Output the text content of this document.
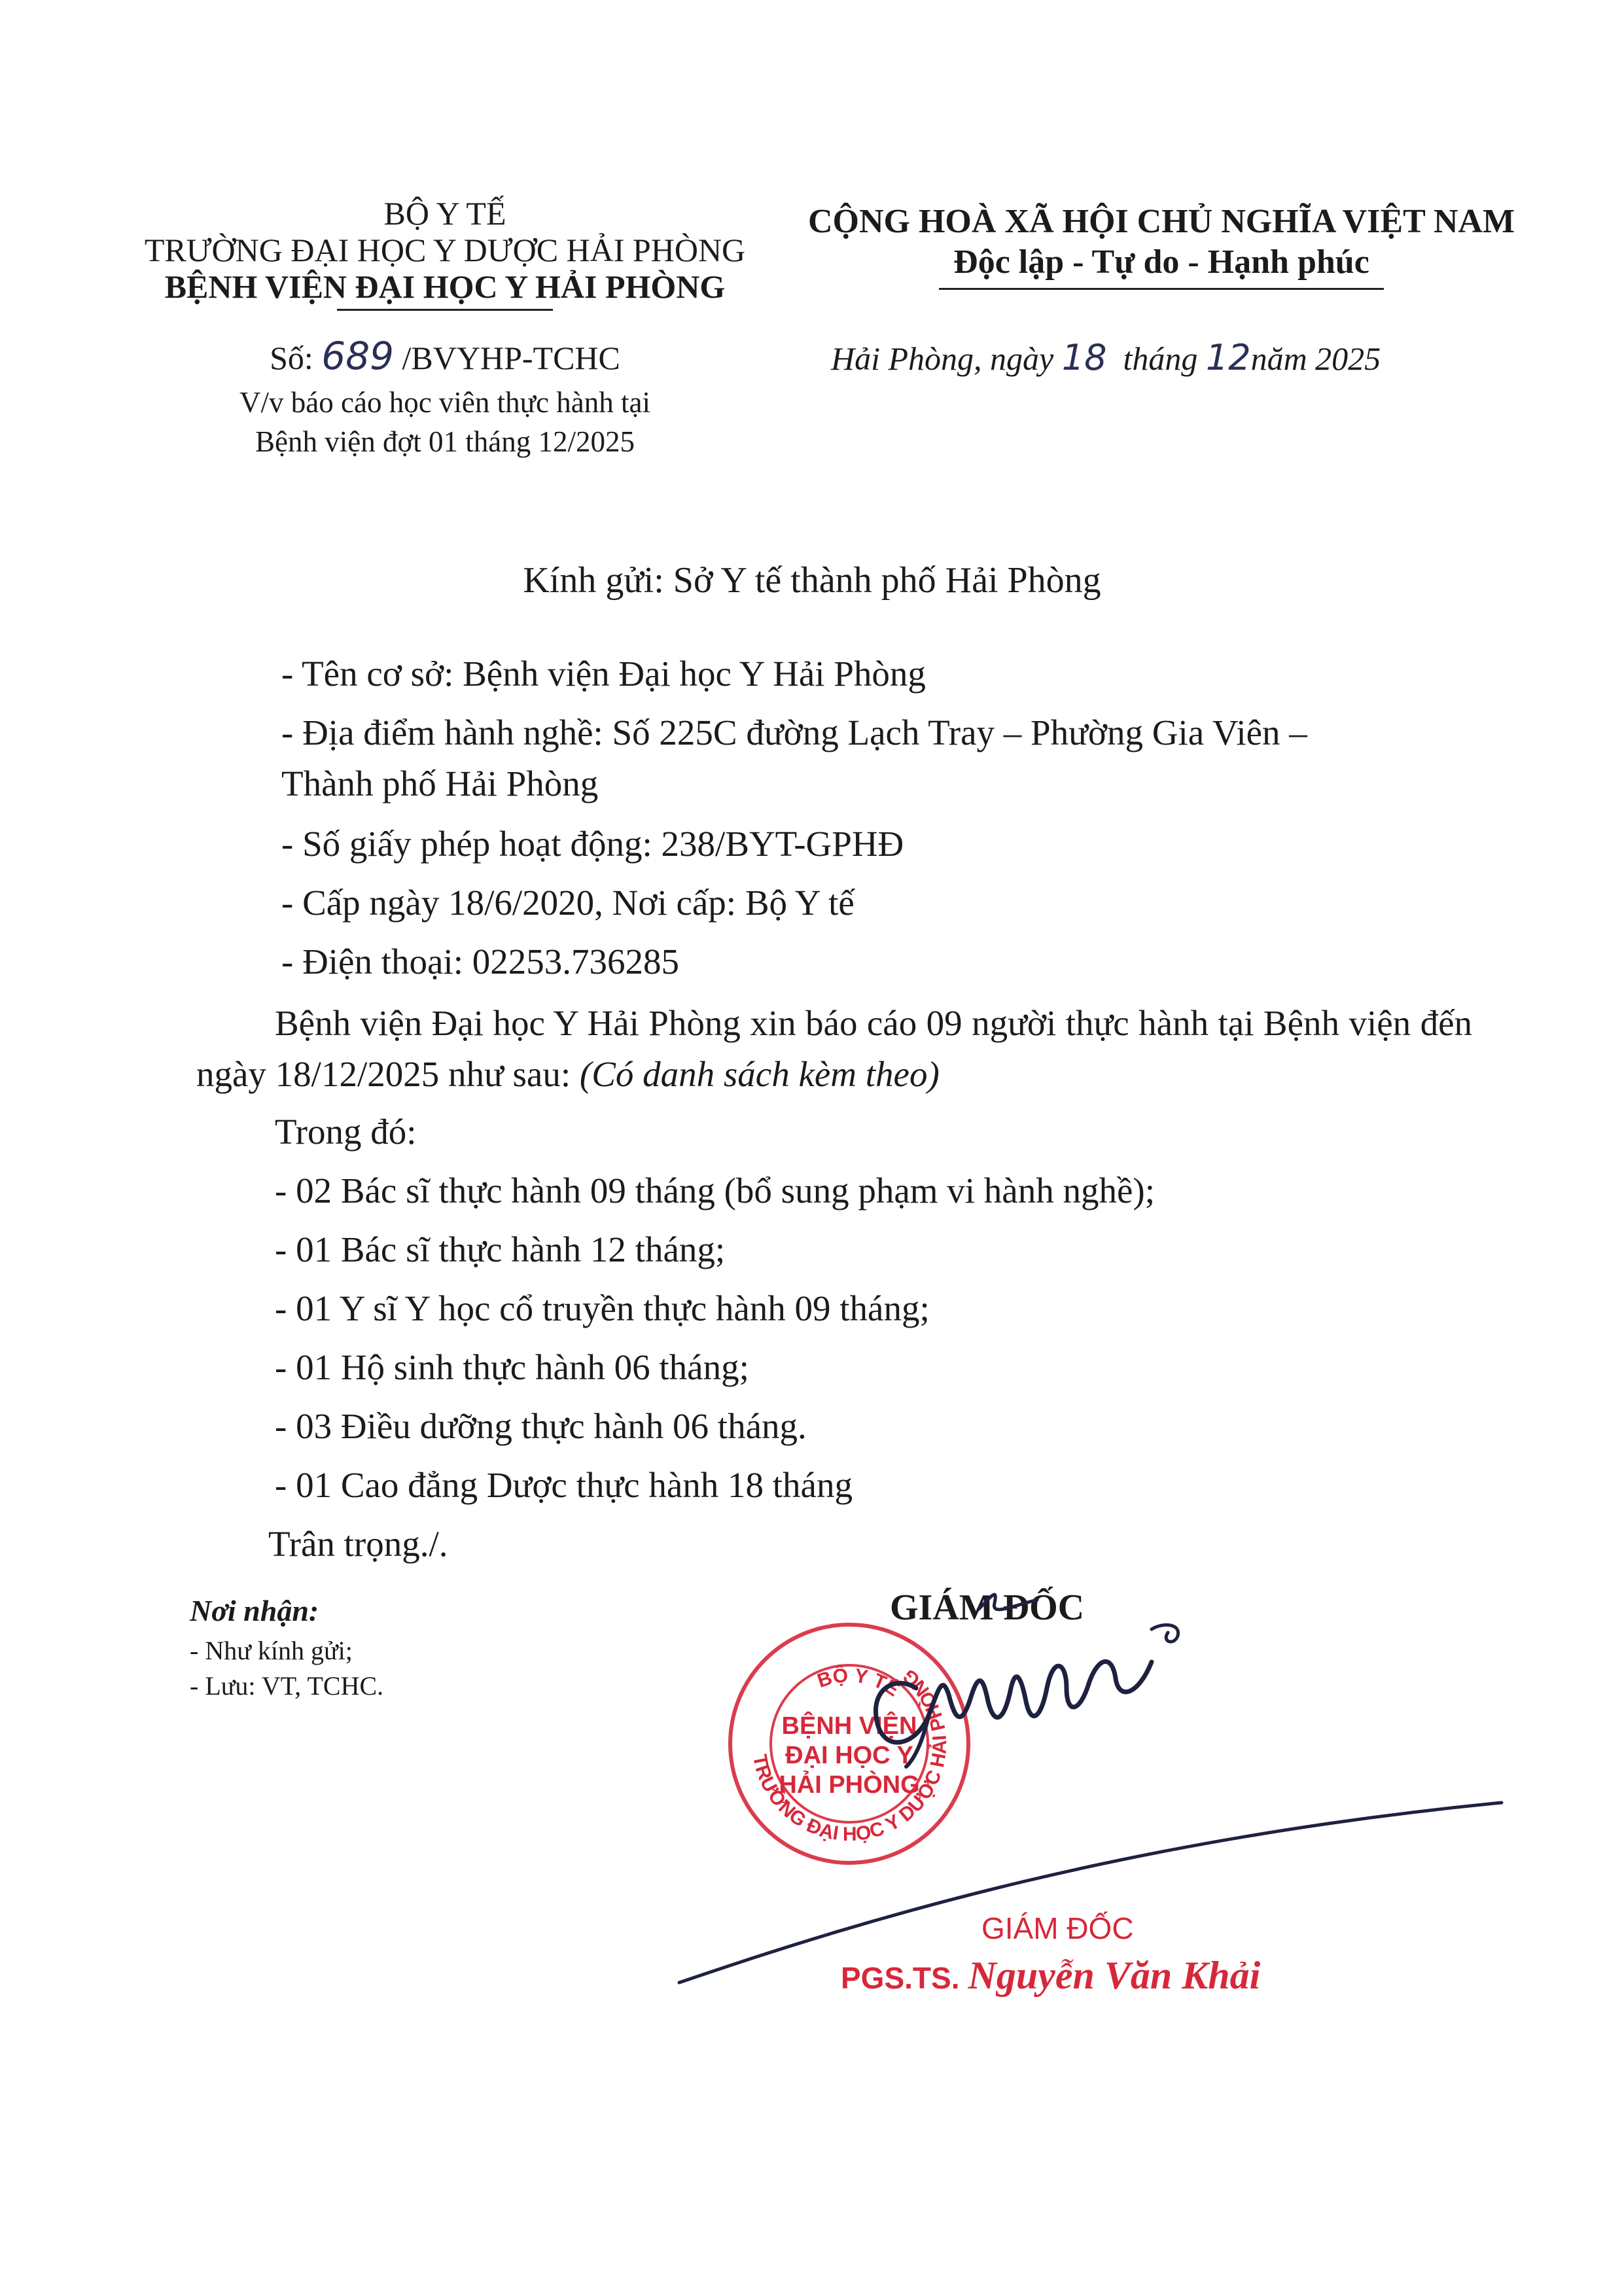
BỘ Y TẾ
TRƯỜNG ĐẠI HỌC Y DƯỢC HẢI PHÒNG
BỆNH VIỆN ĐẠI HỌC Y HẢI PHÒNG
CỘNG HOÀ XÃ HỘI CHỦ NGHĨA VIỆT NAM
Độc lập - Tự do - Hạnh phúc
Số: 689 /BVYHP-TCHC
V/v báo cáo học viên thực hành tại
Bệnh viện đợt 01 tháng 12/2025
Hải Phòng, ngày 18 tháng 12năm 2025
Kính gửi: Sở Y tế thành phố Hải Phòng
- Tên cơ sở: Bệnh viện Đại học Y Hải Phòng
- Địa điểm hành nghề: Số 225C đường Lạch Tray – Phường Gia Viên –
Thành phố Hải Phòng
- Số giấy phép hoạt động: 238/BYT-GPHĐ
- Cấp ngày 18/6/2020, Nơi cấp: Bộ Y tế
- Điện thoại: 02253.736285
Bệnh viện Đại học Y Hải Phòng xin báo cáo 09 người thực hành tại Bệnh viện đến ngày 18/12/2025 như sau: (Có danh sách kèm theo)
Trong đó:
- 02 Bác sĩ thực hành 09 tháng (bổ sung phạm vi hành nghề);
- 01 Bác sĩ thực hành 12 tháng;
- 01 Y sĩ Y học cổ truyền thực hành 09 tháng;
- 01 Hộ sinh thực hành 06 tháng;
- 03 Điều dưỡng thực hành 06 tháng.
- 01 Cao đẳng Dược thực hành 18 tháng
Trân trọng./.
Nơi nhận:
- Như kính gửi;
- Lưu: VT, TCHC.
GIÁM ĐỐC
TRƯỜNG ĐẠI HỌC Y DƯỢC HẢI PHÒNG
BỘ Y TẾ
BỆNH VIỆN
ĐẠI HỌC Y
HẢI PHÒNG
GIÁM ĐỐC
PGS.TS. Nguyễn Văn Khải
